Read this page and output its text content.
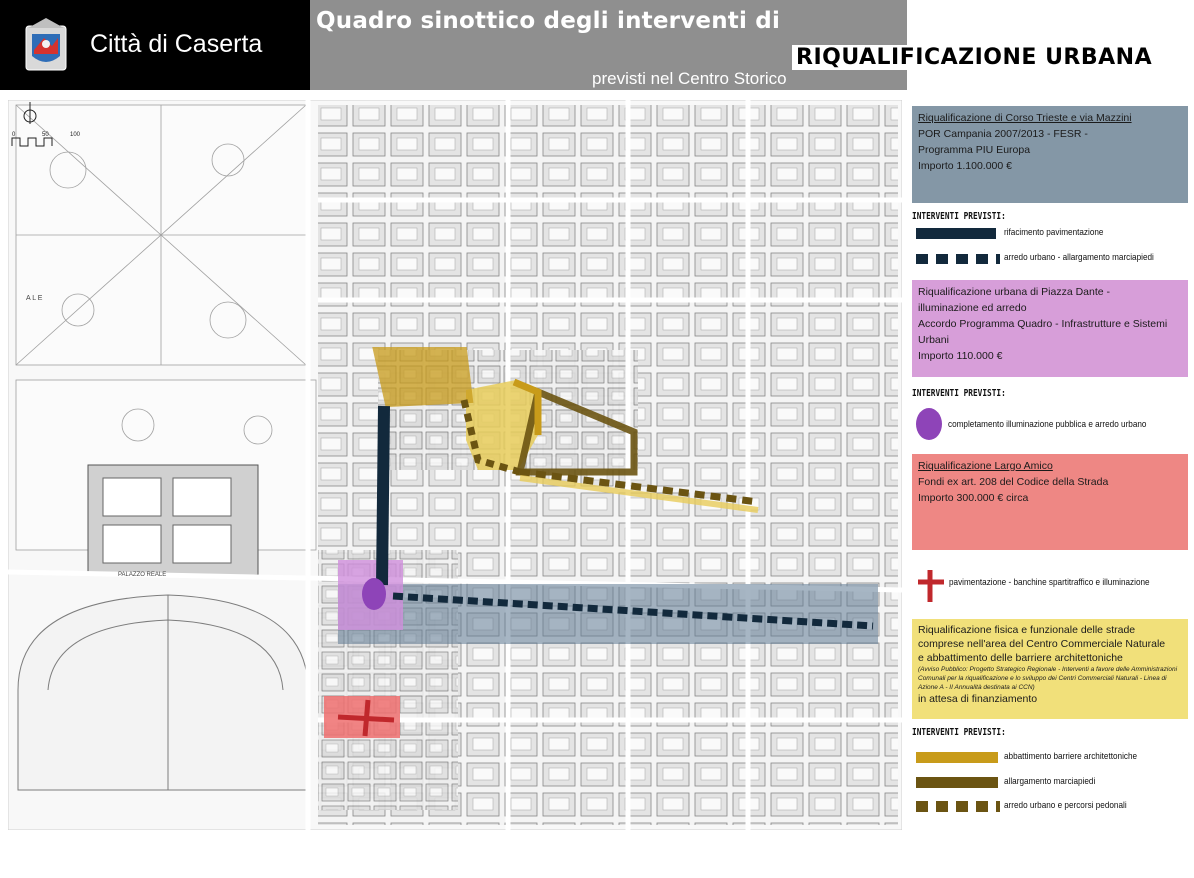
Città di Caserta
Quadro sinottico degli interventi di
previsti nel Centro Storico
RIQUALIFICAZIONE URBANA
A L E
PALAZZO REALE
0	50	100
Riqualificazione di Corso Trieste e via Mazzini
POR Campania 2007/2013 - FESR -
Programma PIU Europa
Importo 1.100.000 €
INTERVENTI PREVISTI:
rifacimento pavimentazione
arredo urbano - allargamento marciapiedi
Riqualificazione urbana di Piazza Dante -
illuminazione ed arredo
Accordo Programma Quadro - Infrastrutture e Sistemi
Urbani
Importo 110.000 €
INTERVENTI PREVISTI:
completamento illuminazione pubblica e arredo urbano
Riqualificazione Largo Amico
Fondi ex art. 208 del Codice della Strada
Importo 300.000 € circa
pavimentazione - banchine spartitraffico e illuminazione
Riqualificazione fisica e funzionale delle strade
comprese nell'area del Centro Commerciale Naturale
e abbattimento delle barriere architettoniche
(Avviso Pubblico: Progetto Strategico Regionale - Interventi a favore delle Amministrazioni Comunali per la riqualificazione e lo sviluppo dei Centri Commerciali Naturali - Linea di Azione A - II Annualità destinata ai CCN)
in attesa di finanziamento
INTERVENTI PREVISTI:
abbattimento barriere architettoniche
allargamento marciapiedi
arredo urbano e percorsi pedonali
